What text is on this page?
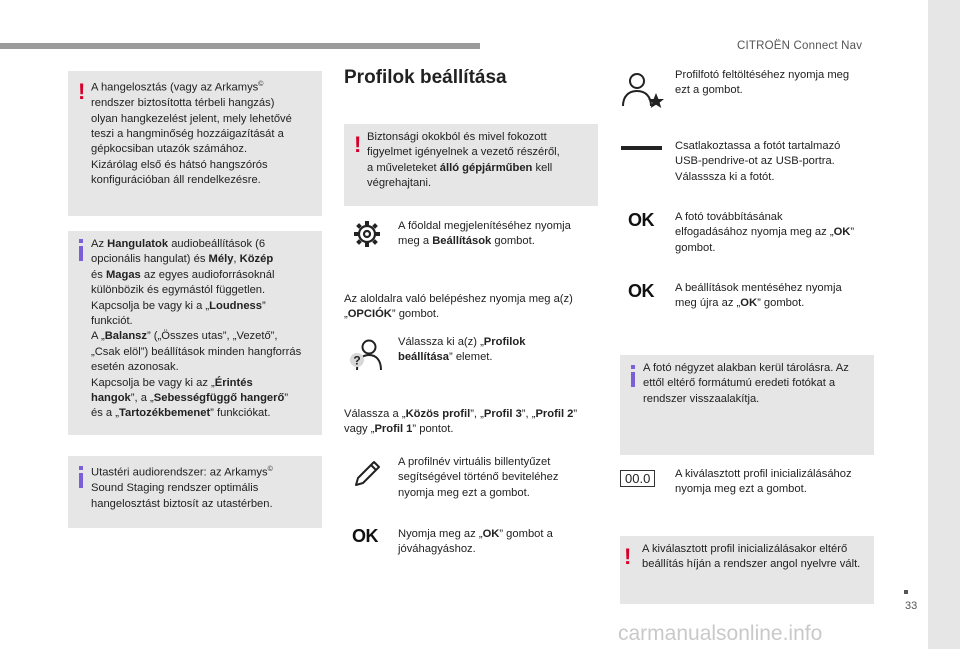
CITROËN Connect Nav
! A hangelosztás (vagy az Arkamys©
rendszer biztosította térbeli hangzás)
olyan hangkezelést jelent, mely lehetővé
teszi a hangminőség hozzáigazítását a
gépkocsiban utazók számához.
Kizárólag első és hátsó hangszórós
konfigurációban áll rendelkezésre.
Az Hangulatok audiobeállítások (6
opcionális hangulat) és Mély, Közép
és Magas az egyes audioforrásoknál
különbözik és egymástól független.
Kapcsolja be vagy ki a „Loudness”
funkciót.
A „Balansz” („Összes utas”, „Vezető”,
„Csak elöl”) beállítások minden hangforrás
esetén azonosak.
Kapcsolja be vagy ki az „Érintés
hangok”, a „Sebességfüggő hangerő”
és a „Tartozékbemenet” funkciókat.
Utastéri audiorendszer: az Arkamys©
Sound Staging rendszer optimális
hangelosztást biztosít az utastérben.
Profilok beállítása
! Biztonsági okokból és mivel fokozott
figyelmet igényelnek a vezető részéről,
a műveleteket álló gépjárműben kell
végrehajtani.
A főoldal megjelenítéséhez nyomja
meg a Beállítások gombot.
Az aloldalra való belépéshez nyomja meg a(z)
„OPCIÓK” gombot.
?
Válassza ki a(z) „Profilok
beállítása” elemet.
Válassza a „Közös profil”, „Profil 3”, „Profil 2”
vagy „Profil 1” pontot.
A profilnév virtuális billentyűzet
segítségével történő beviteléhez
nyomja meg ezt a gombot.
OK Nyomja meg az „OK” gombot a
jóváhagyáshoz.
Profilfotó feltöltéséhez nyomja meg
ezt a gombot.
Csatlakoztassa a fotót tartalmazó
USB-pendrive-ot az USB-portra.
Válasssza ki a fotót.
OK A fotó továbbításának
elfogadásához nyomja meg az „OK”
gombot.
OK A beállítások mentéséhez nyomja
meg újra az „OK” gombot.
A fotó négyzet alakban kerül tárolásra. Az
ettől eltérő formátumú eredeti fotókat a
rendszer visszaalakítja.
00.0	A kiválasztott profil inicializálásához
nyomja meg ezt a gombot.
! A kiválasztott profil inicializálásakor eltérő
beállítás híján a rendszer angol nyelvre vált.
33
carmanualsonline.info
